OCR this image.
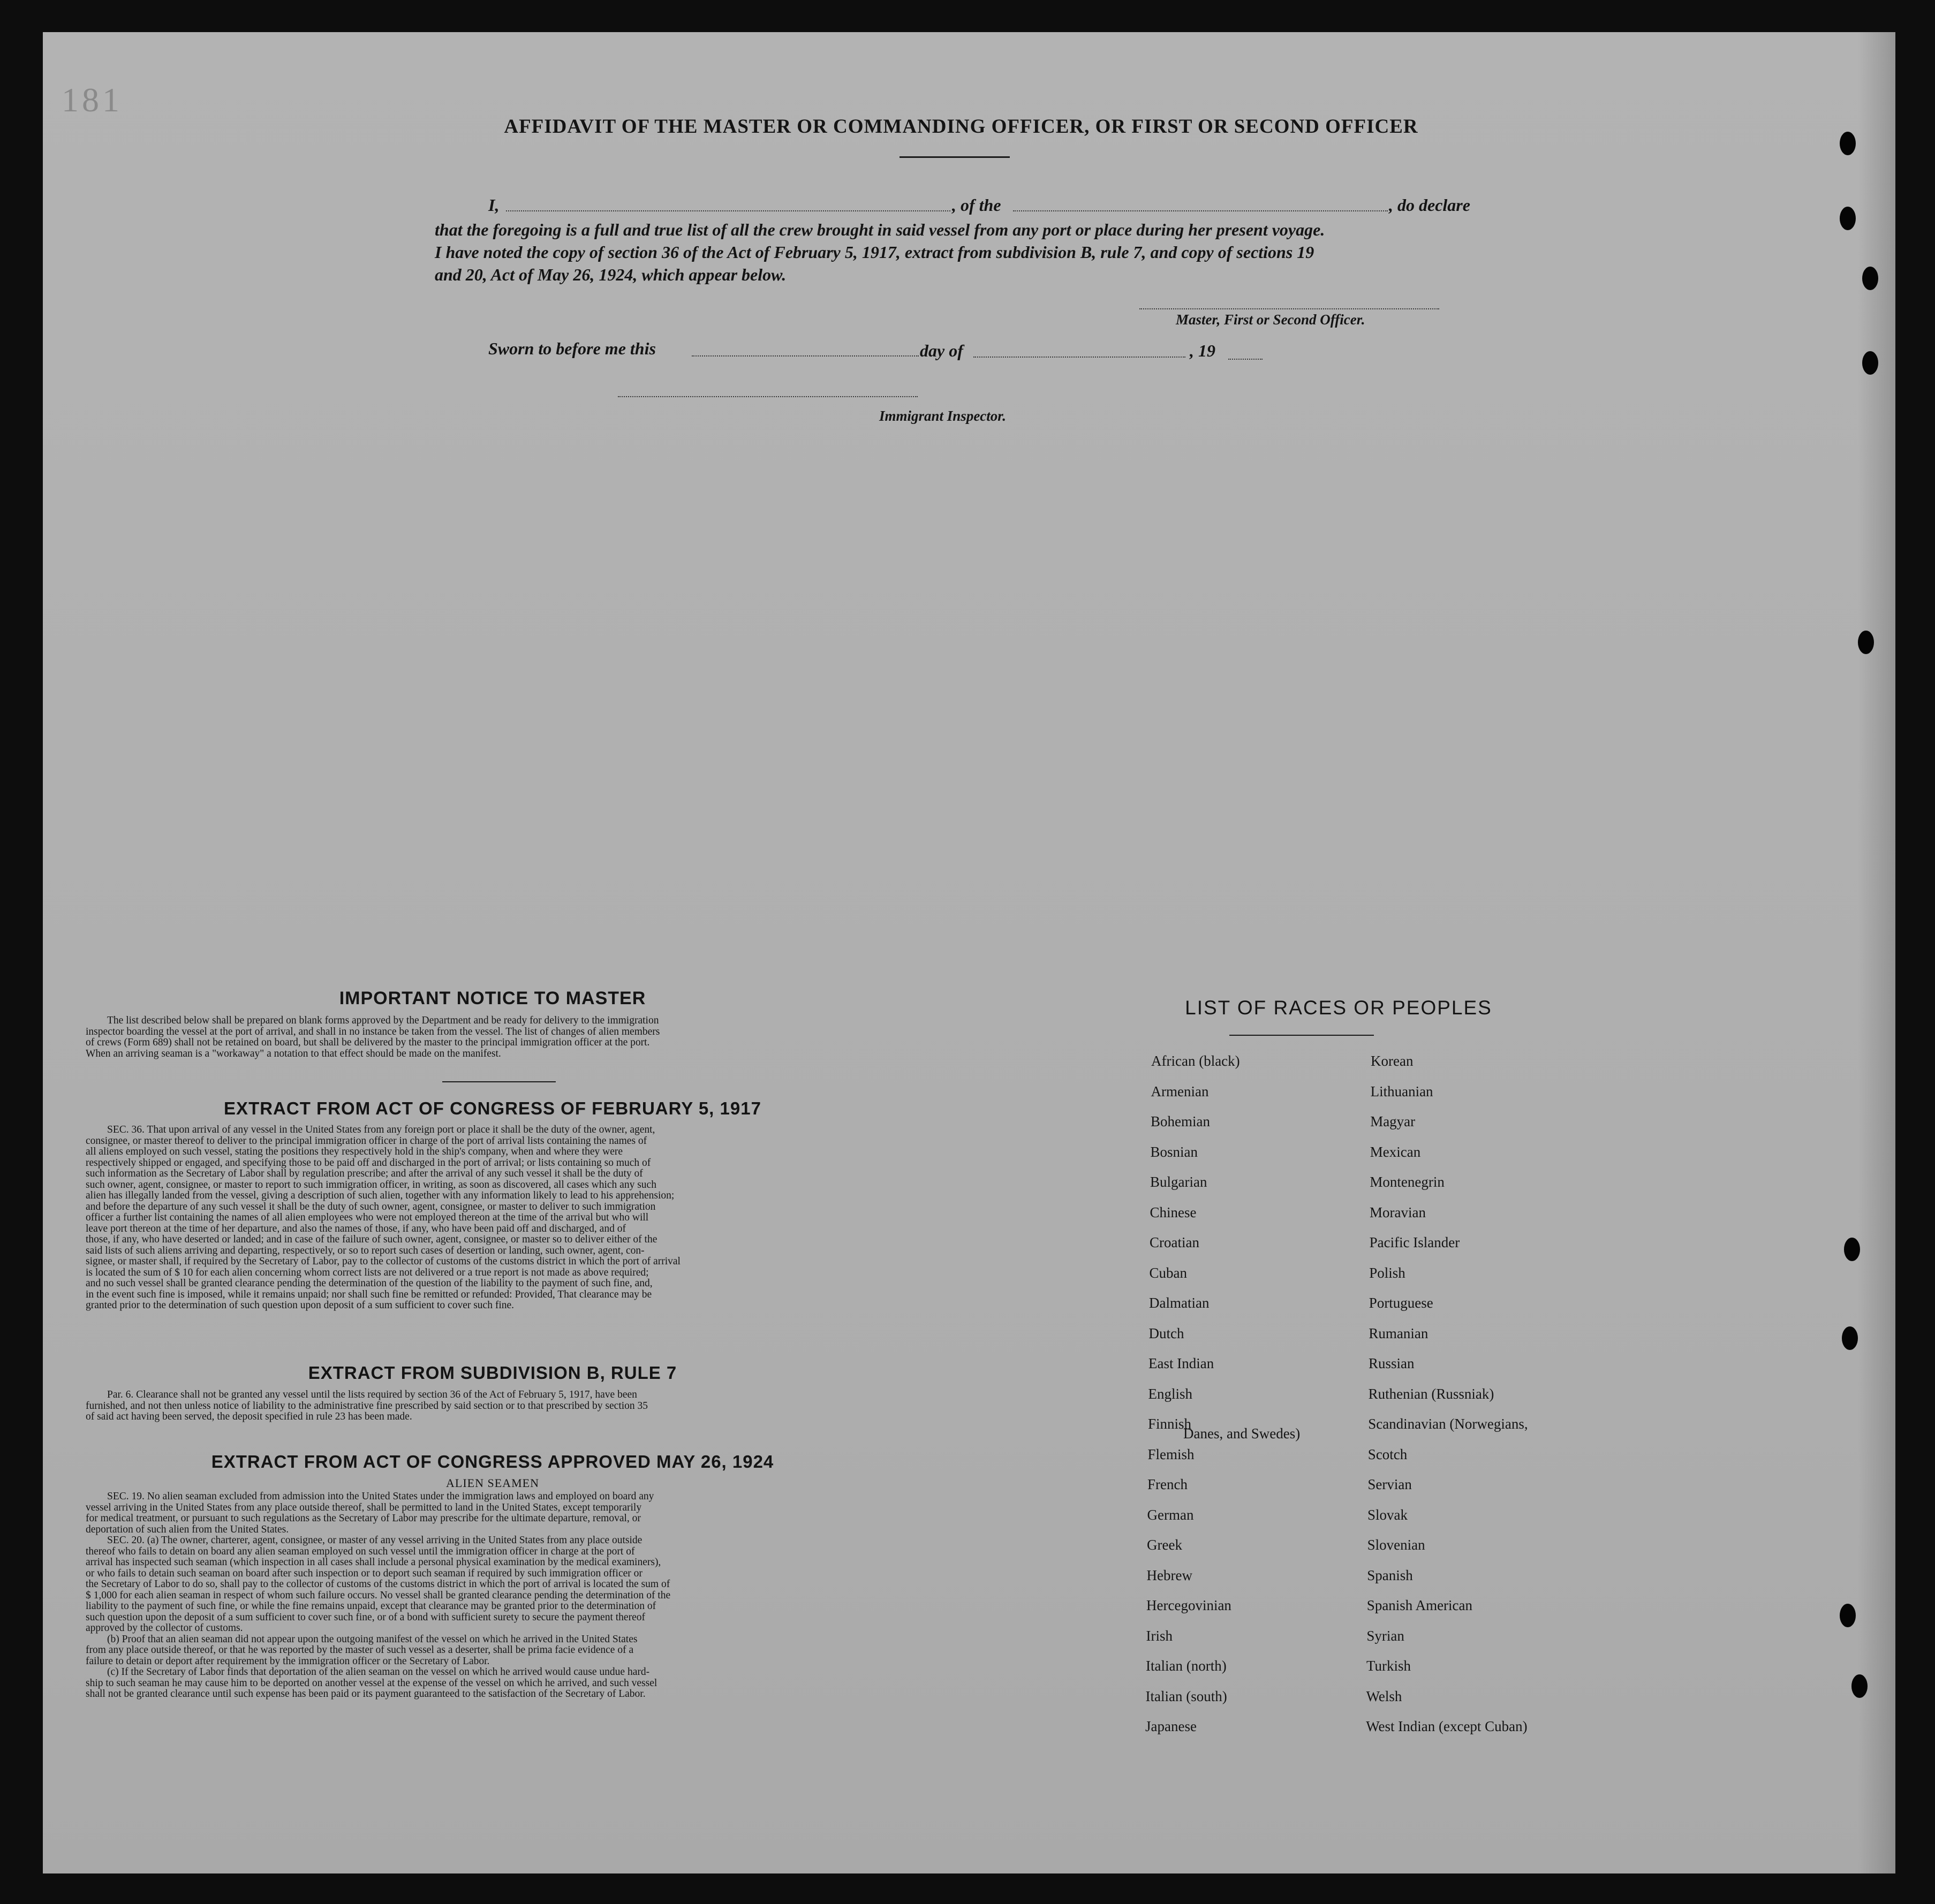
181
AFFIDAVIT OF THE MASTER OR COMMANDING OFFICER, OR FIRST OR SECOND OFFICER
I,	, of the	, do declare
that the foregoing is a full and true list of all the crew brought in said vessel from any port or place during her present voyage.
I have noted the copy of section 36 of the Act of February 5, 1917, extract from subdivision B, rule 7, and copy of sections 19
and 20, Act of May 26, 1924, which appear below.
Master, First or Second Officer.
Sworn to before me this	day of	, 19
Immigrant Inspector.
IMPORTANT NOTICE TO MASTER
The list described below shall be prepared on blank forms approved by the Department and be ready for delivery to the immigration
inspector boarding the vessel at the port of arrival, and shall in no instance be taken from the vessel. The list of changes of alien members
of crews (Form 689) shall not be retained on board, but shall be delivered by the master to the principal immigration officer at the port.
When an arriving seaman is a "workaway" a notation to that effect should be made on the manifest.
EXTRACT FROM ACT OF CONGRESS OF FEBRUARY 5, 1917
SEC. 36. That upon arrival of any vessel in the United States from any foreign port or place it shall be the duty of the owner, agent,
consignee, or master thereof to deliver to the principal immigration officer in charge of the port of arrival lists containing the names of
all aliens employed on such vessel, stating the positions they respectively hold in the ship's company, when and where they were
respectively shipped or engaged, and specifying those to be paid off and discharged in the port of arrival; or lists containing so much of
such information as the Secretary of Labor shall by regulation prescribe; and after the arrival of any such vessel it shall be the duty of
such owner, agent, consignee, or master to report to such immigration officer, in writing, as soon as discovered, all cases which any such
alien has illegally landed from the vessel, giving a description of such alien, together with any information likely to lead to his apprehension;
and before the departure of any such vessel it shall be the duty of such owner, agent, consignee, or master to deliver to such immigration
officer a further list containing the names of all alien employees who were not employed thereon at the time of the arrival but who will
leave port thereon at the time of her departure, and also the names of those, if any, who have been paid off and discharged, and of
those, if any, who have deserted or landed; and in case of the failure of such owner, agent, consignee, or master so to deliver either of the
said lists of such aliens arriving and departing, respectively, or so to report such cases of desertion or landing, such owner, agent, con-
signee, or master shall, if required by the Secretary of Labor, pay to the collector of customs of the customs district in which the port of arrival
is located the sum of $ 10 for each alien concerning whom correct lists are not delivered or a true report is not made as above required;
and no such vessel shall be granted clearance pending the determination of the question of the liability to the payment of such fine, and,
in the event such fine is imposed, while it remains unpaid; nor shall such fine be remitted or refunded: Provided, That clearance may be
granted prior to the determination of such question upon deposit of a sum sufficient to cover such fine.
EXTRACT FROM SUBDIVISION B, RULE 7
Par. 6. Clearance shall not be granted any vessel until the lists required by section 36 of the Act of February 5, 1917, have been
furnished, and not then unless notice of liability to the administrative fine prescribed by said section or to that prescribed by section 35
of said act having been served, the deposit specified in rule 23 has been made.
EXTRACT FROM ACT OF CONGRESS APPROVED MAY 26, 1924
ALIEN SEAMEN
SEC. 19. No alien seaman excluded from admission into the United States under the immigration laws and employed on board any
vessel arriving in the United States from any place outside thereof, shall be permitted to land in the United States, except temporarily
for medical treatment, or pursuant to such regulations as the Secretary of Labor may prescribe for the ultimate departure, removal, or
deportation of such alien from the United States.
SEC. 20. (a) The owner, charterer, agent, consignee, or master of any vessel arriving in the United States from any place outside
thereof who fails to detain on board any alien seaman employed on such vessel until the immigration officer in charge at the port of
arrival has inspected such seaman (which inspection in all cases shall include a personal physical examination by the medical examiners),
or who fails to detain such seaman on board after such inspection or to deport such seaman if required by such immigration officer or
the Secretary of Labor to do so, shall pay to the collector of customs of the customs district in which the port of arrival is located the sum of
$ 1,000 for each alien seaman in respect of whom such failure occurs. No vessel shall be granted clearance pending the determination of the
liability to the payment of such fine, or while the fine remains unpaid, except that clearance may be granted prior to the determination of
such question upon the deposit of a sum sufficient to cover such fine, or of a bond with sufficient surety to secure the payment thereof
approved by the collector of customs.
(b) Proof that an alien seaman did not appear upon the outgoing manifest of the vessel on which he arrived in the United States
from any place outside thereof, or that he was reported by the master of such vessel as a deserter, shall be prima facie evidence of a
failure to detain or deport after requirement by the immigration officer or the Secretary of Labor.
(c) If the Secretary of Labor finds that deportation of the alien seaman on the vessel on which he arrived would cause undue hard-
ship to such seaman he may cause him to be deported on another vessel at the expense of the vessel on which he arrived, and such vessel
shall not be granted clearance until such expense has been paid or its payment guaranteed to the satisfaction of the Secretary of Labor.
LIST OF RACES OR PEOPLES
African (black)
Armenian
Bohemian
Bosnian
Bulgarian
Chinese
Croatian
Cuban
Dalmatian
Dutch
East Indian
English
Finnish
Flemish
French
German
Greek
Hebrew
Hercegovinian
Irish
Italian (north)
Italian (south)
Japanese
Korean
Lithuanian
Magyar
Mexican
Montenegrin
Moravian
Pacific Islander
Polish
Portuguese
Rumanian
Russian
Ruthenian (Russniak)
Scandinavian (Norwegians,
Scotch
Servian
Slovak
Slovenian
Spanish
Spanish American
Syrian
Turkish
Welsh
West Indian (except Cuban)
Danes, and Swedes)
